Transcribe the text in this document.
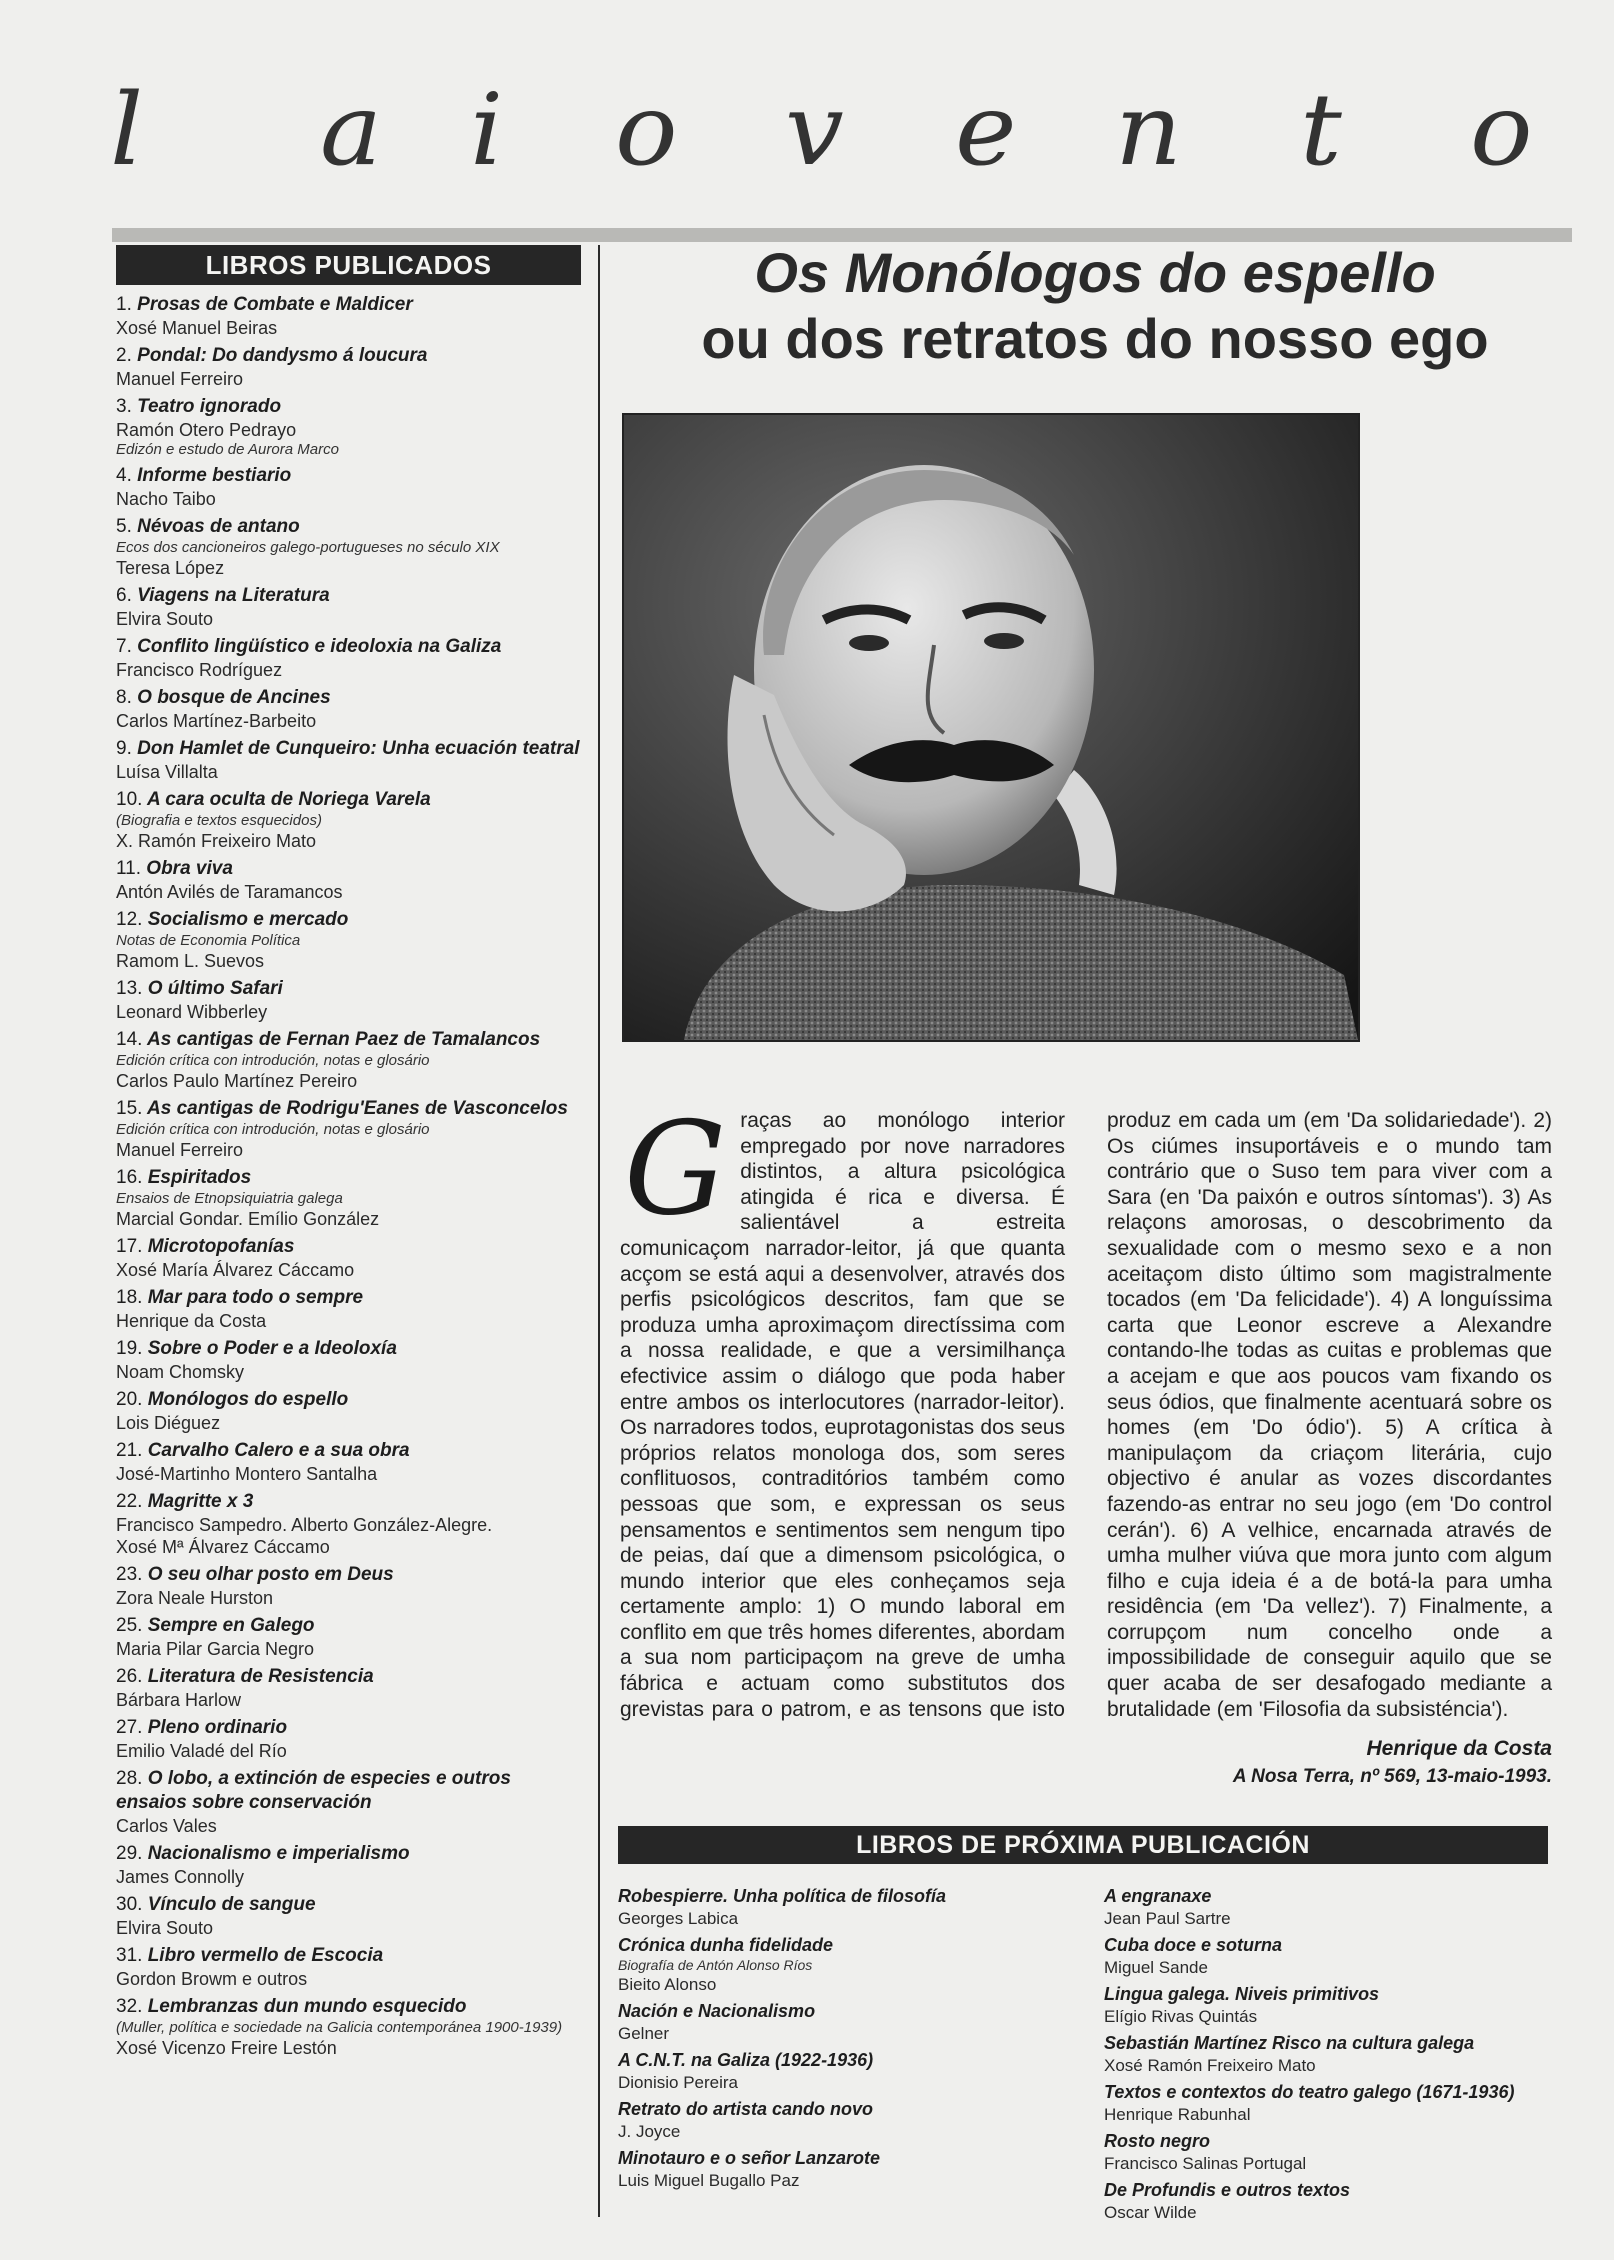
l a i o v e n t o
LIBROS PUBLICADOS
1. Prosas de Combate e Maldicer
Xosé Manuel Beiras
2. Pondal: Do dandysmo á loucura
Manuel Ferreiro
3. Teatro ignorado
Ramón Otero Pedrayo
Edizón e estudo de Aurora Marco
4. Informe bestiario
Nacho Taibo
5. Névoas de antano
Ecos dos cancioneiros galego-portugueses no século XIX
Teresa López
6. Viagens na Literatura
Elvira Souto
7. Conflito lingüístico e ideoloxia na Galiza
Francisco Rodríguez
8. O bosque de Ancines
Carlos Martínez-Barbeito
9. Don Hamlet de Cunqueiro: Unha ecuación teatral
Luísa Villalta
10. A cara oculta de Noriega Varela
(Biografia e textos esquecidos)
X. Ramón Freixeiro Mato
11. Obra viva
Antón Avilés de Taramancos
12. Socialismo e mercado
Notas de Economia Política
Ramom L. Suevos
13. O último Safari
Leonard Wibberley
14. As cantigas de Fernan Paez de Tamalancos
Edición crítica con introdución, notas e glosário
Carlos Paulo Martínez Pereiro
15. As cantigas de Rodrigu'Eanes de Vasconcelos
Edición crítica con introdución, notas e glosário
Manuel Ferreiro
16. Espiritados
Ensaios de Etnopsiquiatria galega
Marcial Gondar. Emílio González
17. Microtopofanías
Xosé María Álvarez Cáccamo
18. Mar para todo o sempre
Henrique da Costa
19. Sobre o Poder e a Ideoloxía
Noam Chomsky
20. Monólogos do espello
Lois Diéguez
21. Carvalho Calero e a sua obra
José-Martinho Montero Santalha
22. Magritte x 3
Francisco Sampedro. Alberto González-Alegre.
Xosé Mª Álvarez Cáccamo
23. O seu olhar posto em Deus
Zora Neale Hurston
25. Sempre en Galego
Maria Pilar Garcia Negro
26. Literatura de Resistencia
Bárbara Harlow
27. Pleno ordinario
Emilio Valadé del Río
28. O lobo, a extinción de especies e outros ensaios sobre conservación
Carlos Vales
29. Nacionalismo e imperialismo
James Connolly
30. Vínculo de sangue
Elvira Souto
31. Libro vermello de Escocia
Gordon Browm e outros
32. Lembranzas dun mundo esquecido
(Muller, política e sociedade na Galicia contemporánea 1900-1939)
Xosé Vicenzo Freire Lestón
Os Monólogos do espello
ou dos retratos do nosso ego
G raças ao monólogo interior empregado por nove narradores distintos, a altura psicológica atingida é rica e diversa. É salientável a estreita comunicaçom narrador-leitor, já que quanta acçom se está aqui a desenvolver, através dos perfis psicológicos descritos, fam que se produza umha aproximaçom directíssima com a nossa realidade, e que a versimilhança efectivice assim o diálogo que poda haber entre ambos os interlocutores (narrador-leitor). Os narradores todos, euprotagonistas dos seus próprios relatos monologa dos, som seres conflituosos, contraditórios também como pessoas que som, e expressan os seus pensamentos e sentimentos sem nengum tipo de peias, daí que a dimensom psicológica, o mundo interior que eles conheçamos seja certamente amplo: 1) O mundo laboral em conflito em que três homes diferentes, abordam a sua nom participaçom na greve de umha fábrica e actuam como substitutos dos grevistas para o patrom, e as tensons que isto produz em cada um (em 'Da solidariedade'). 2) Os ciúmes insuportáveis e o mundo tam contrário que o Suso tem para viver com a Sara (en 'Da paixón e outros síntomas'). 3) As relaçons amorosas, o descobrimento da sexualidade com o mesmo sexo e a non aceitaçom disto último som magistralmente tocados (em 'Da felicidade'). 4) A longuíssima carta que Leonor escreve a Alexandre contando-lhe todas as cuitas e problemas que a acejam e que aos poucos vam fixando os seus ódios, que finalmente acentuará sobre os homes (em 'Do ódio'). 5) A crítica à manipulaçom da criaçom literária, cujo objectivo é anular as vozes discordantes fazendo-as entrar no seu jogo (em 'Do control cerán'). 6) A velhice, encarnada através de umha mulher viúva que mora junto com algum filho e cuja ideia é a de botá-la para umha residência (em 'Da vellez'). 7) Finalmente, a corrupçom num concelho onde a impossibilidade de conseguir aquilo que se quer acaba de ser desafogado mediante a brutalidade (em 'Filosofia da subsisténcia').

Henrique da Costa
A Nosa Terra, nº 569, 13-maio-1993.
LIBROS DE PRÓXIMA PUBLICACIÓN
Robespierre. Unha política de filosofía
Georges Labica
Crónica dunha fidelidade
Biografía de Antón Alonso Ríos
Bieito Alonso
Nación e Nacionalismo
Gelner
A C.N.T. na Galiza (1922-1936)
Dionisio Pereira
Retrato do artista cando novo
J. Joyce
Minotauro e o señor Lanzarote
Luis Miguel Bugallo Paz
A engranaxe
Jean Paul Sartre
Cuba doce e soturna
Miguel Sande
Lingua galega. Niveis primitivos
Elígio Rivas Quintás
Sebastián Martínez Risco na cultura galega
Xosé Ramón Freixeiro Mato
Textos e contextos do teatro galego (1671-1936)
Henrique Rabunhal
Rosto negro
Francisco Salinas Portugal
De Profundis e outros textos
Oscar Wilde
